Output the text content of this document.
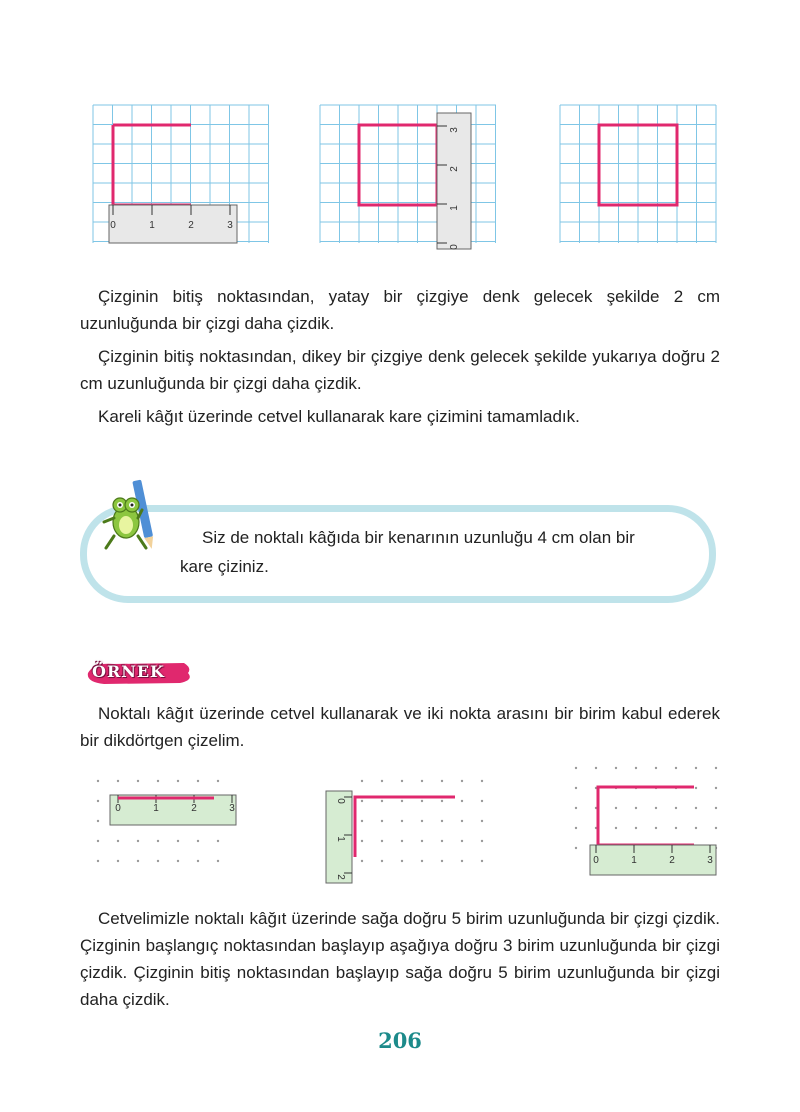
0	1	2	3
0
1
2
3

Çizginin bitiş noktasından, yatay bir çizgiye denk gelecek şekilde 2 cm uzunluğunda bir çizgi daha çizdik.

Çizginin bitiş noktasından, dikey bir çizgiye denk gelecek şekilde yukarıya doğru 2 cm uzunluğunda bir çizgi daha çizdik.

Kareli kâğıt üzerinde cetvel kullanarak kare çizimini tamamladık.

Siz de noktalı kâğıda bir kenarının uzunluğu 4 cm olan bir
kare çiziniz.

ÖRNEK

Noktalı kâğıt üzerinde cetvel kullanarak ve iki nokta arasını bir birim kabul ederek bir dikdörtgen çizelim.

0	1	2	3
0
1
2
0	1	2	3

Cetvelimizle noktalı kâğıt üzerinde sağa doğru 5 birim uzunluğunda bir çizgi çizdik. Çizginin başlangıç noktasından başlayıp aşağıya doğru 3 birim uzunluğunda bir çizgi çizdik. Çizginin bitiş noktasından başlayıp sağa doğru 5 birim uzunluğunda bir çizgi daha çizdik.

206
